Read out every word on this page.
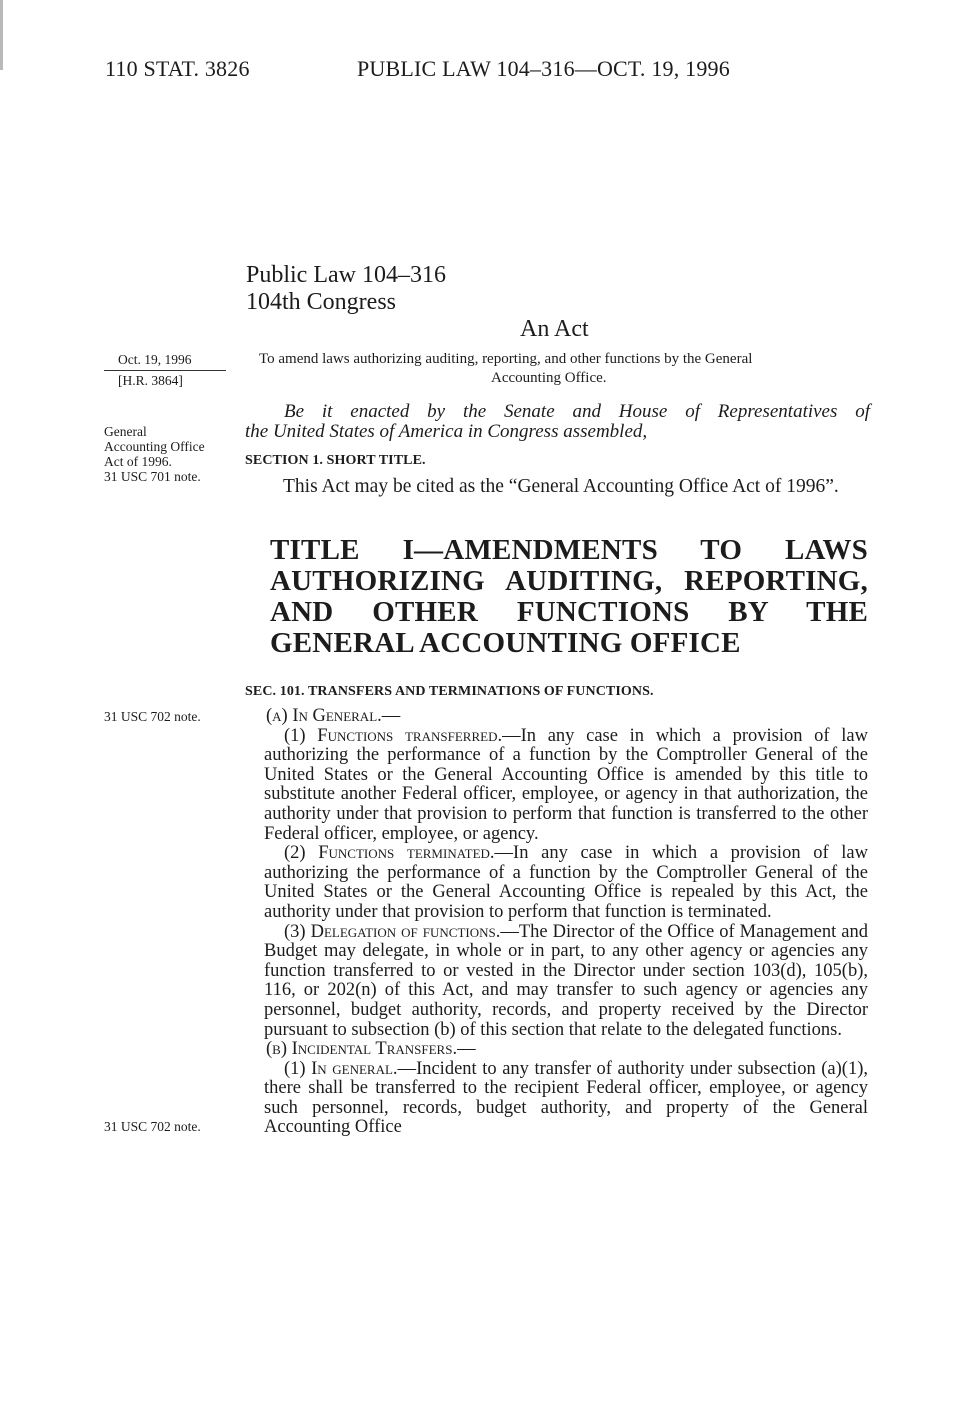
110 STAT. 3826	PUBLIC LAW 104–316—OCT. 19, 1996
Public Law 104–316
104th Congress
An Act
Oct. 19, 1996
[H.R. 3864]
General
Accounting Office
Act of 1996.
31 USC 701 note.
31 USC 702 note.
31 USC 702 note.
To amend laws authorizing auditing, reporting, and other functions by the General
Accounting Office.
Be it enacted by the Senate and House of Representatives of
the United States of America in Congress assembled,
SECTION 1. SHORT TITLE.

This Act may be cited as the “General Accounting Office Act of 1996”.

TITLE I—AMENDMENTS TO LAWS AUTHORIZING AUDITING, REPORTING, AND OTHER FUNCTIONS BY THE GENERAL ACCOUNTING OFFICE
SEC. 101. TRANSFERS AND TERMINATIONS OF FUNCTIONS.
(a) In General.—

(1) Functions transferred.—In any case in which a provision of law authorizing the performance of a function by the Comptroller General of the United States or the General Accounting Office is amended by this title to substitute another Federal officer, employee, or agency in that authorization, the authority under that provision to perform that function is transferred to the other Federal officer, employee, or agency.

(2) Functions terminated.—In any case in which a provision of law authorizing the performance of a function by the Comptroller General of the United States or the General Accounting Office is repealed by this Act, the authority under that provision to perform that function is terminated.

(3) Delegation of functions.—The Director of the Office of Management and Budget may delegate, in whole or in part, to any other agency or agencies any function transferred to or vested in the Director under section 103(d), 105(b), 116, or 202(n) of this Act, and may transfer to such agency or agencies any personnel, budget authority, records, and property received by the Director pursuant to subsection (b) of this section that relate to the delegated functions.

(b) Incidental Transfers.—

(1) In general.—Incident to any transfer of authority under subsection (a)(1), there shall be transferred to the recipient Federal officer, employee, or agency such personnel, records, budget authority, and property of the General Accounting Office
